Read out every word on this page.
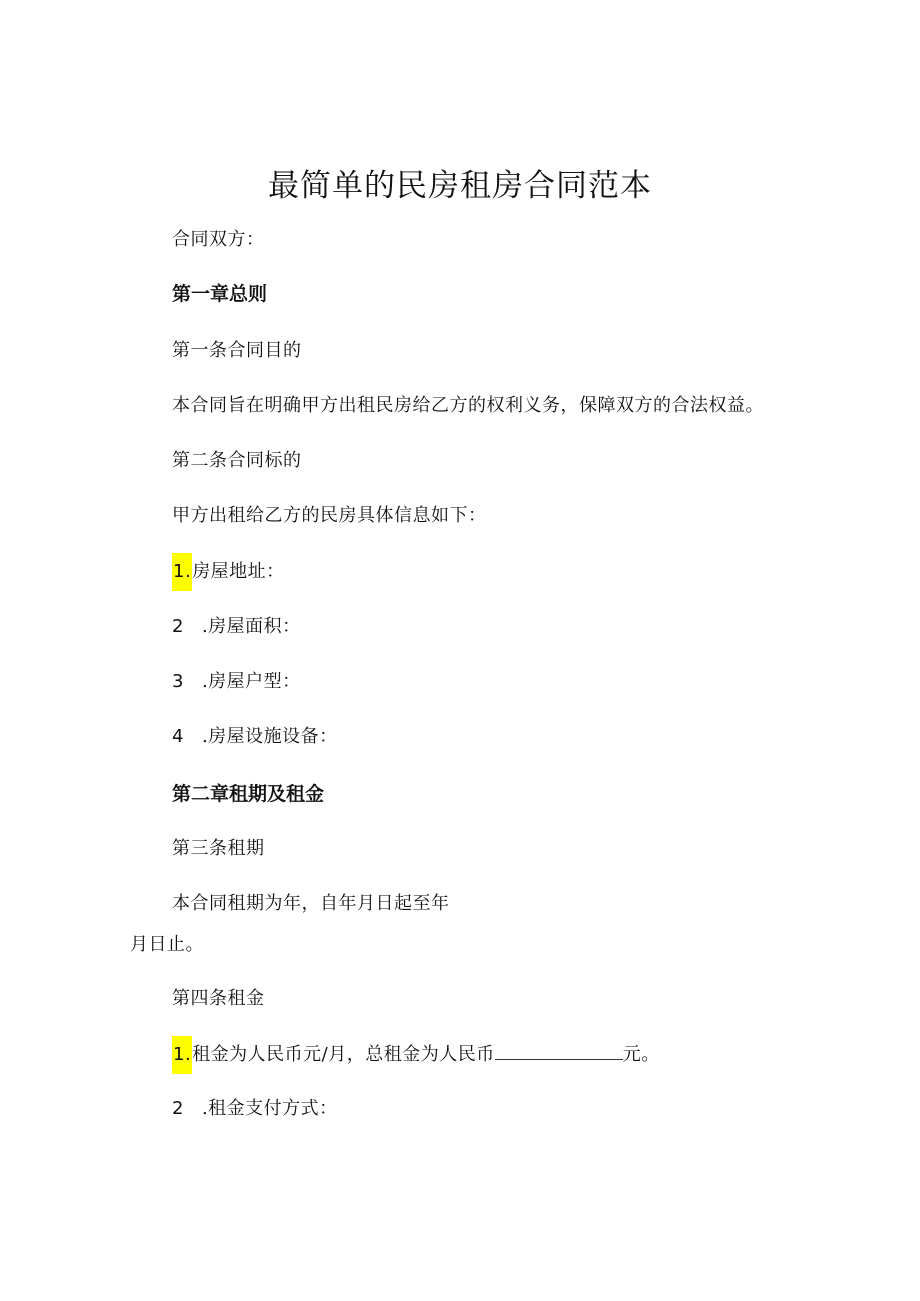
最简单的民房租房合同范本
合同双方：
第一章总则
第一条合同目的
本合同旨在明确甲方出租民房给乙方的权利义务，保障双方的合法权益。
第二条合同标的
甲方出租给乙方的民房具体信息如下：
1.房屋地址：
2 .房屋面积：
3 .房屋户型：
4 .房屋设施设备：
第二章租期及租金
第三条租期
本合同租期为年，自年月日起至年
月日止。
第四条租金
1.租金为人民币元/月，总租金为人民币	元。
2 .租金支付方式：
